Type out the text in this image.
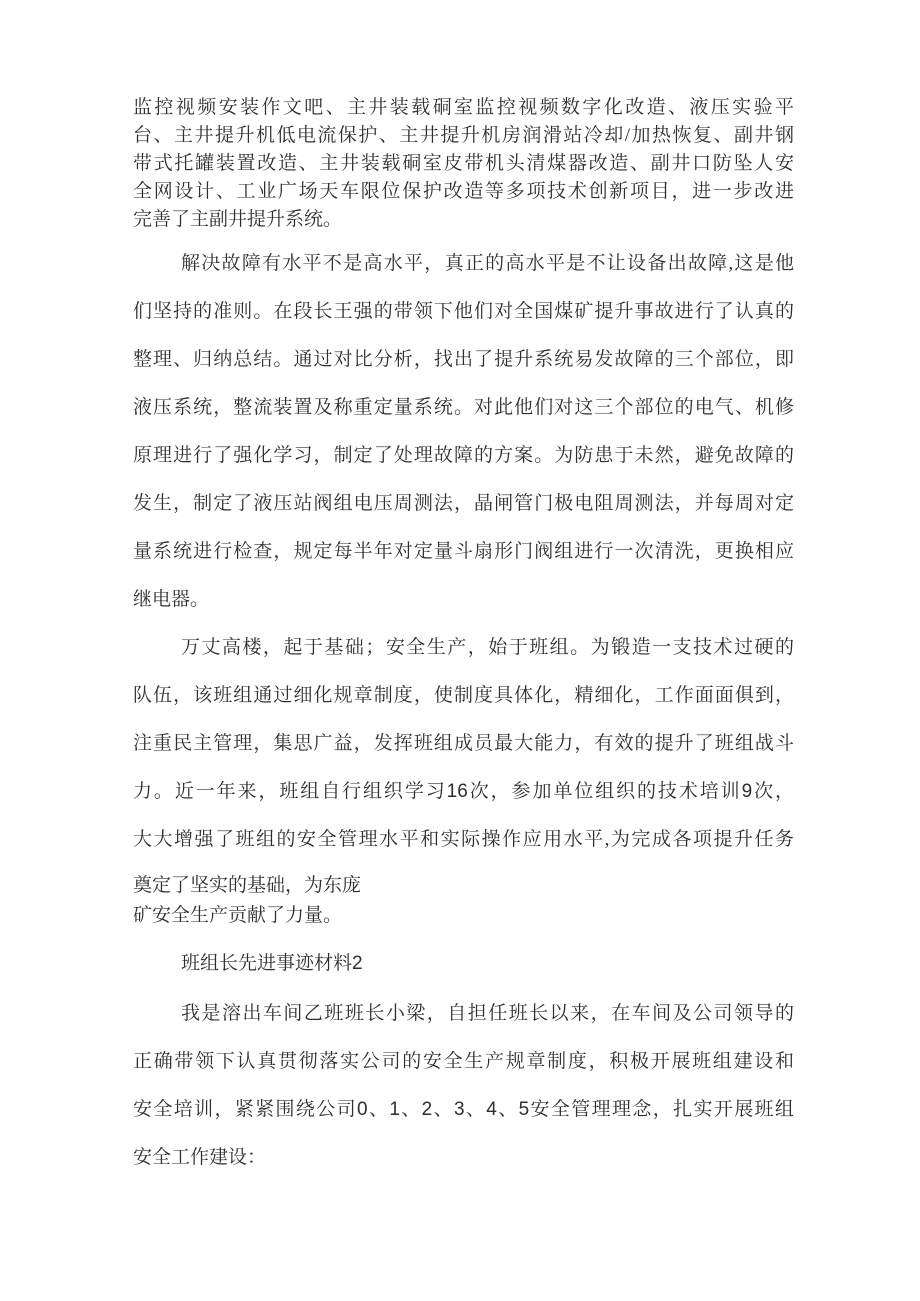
监控视频安装作文吧、主井装载硐室监控视频数字化改造、液压实验平
台、主井提升机低电流保护、主井提升机房润滑站冷却/加热恢复、副井钢
带式托罐装置改造、主井装载硐室皮带机头清煤器改造、副井口防坠人安
全网设计、工业广场天车限位保护改造等多项技术创新项目，进一步改进
完善了主副井提升系统。
解决故障有水平不是高水平，真正的高水平是不让设备出故障,这是他
们坚持的准则。在段长王强的带领下他们对全国煤矿提升事故进行了认真的
整理、归纳总结。通过对比分析，找出了提升系统易发故障的三个部位，即
液压系统，整流装置及称重定量系统。对此他们对这三个部位的电气、机修
原理进行了强化学习，制定了处理故障的方案。为防患于未然，避免故障的
发生，制定了液压站阀组电压周测法，晶闸管门极电阻周测法，并每周对定
量系统进行检查，规定每半年对定量斗扇形门阀组进行一次清洗，更换相应
继电器。
万丈高楼，起于基础；安全生产，始于班组。为锻造一支技术过硬的
队伍，该班组通过细化规章制度，使制度具体化，精细化，工作面面俱到，
注重民主管理，集思广益，发挥班组成员最大能力，有效的提升了班组战斗
力。近一年来，班组自行组织学习16次，参加单位组织的技术培训9次，
大大增强了班组的安全管理水平和实际操作应用水平,为完成各项提升任务
奠定了坚实的基础，为东庞
矿安全生产贡献了力量。
班组长先进事迹材料2
我是溶出车间乙班班长小梁，自担任班长以来，在车间及公司领导的
正确带领下认真贯彻落实公司的安全生产规章制度，积极开展班组建设和
安全培训，紧紧围绕公司0、1、2、3、4、5安全管理理念，扎实开展班组
安全工作建设：
